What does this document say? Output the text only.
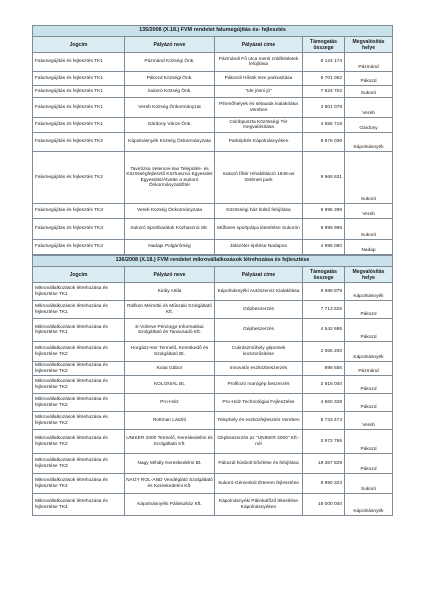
135/2008 (X.18.) FVM rendelet falumegújítás és- fejlesztés				
Jogcím	Pályázó neve	Pályázat címe	Támogatás összege	Megvalósítás helye
Falumegújítás és fejlesztés TK1	Pázmánd Községi Önk.	Pázmándi Fő utca menti zöldfelületek felújítása	8 124 174	Pázmánd
Falumegújítás és fejlesztés TK1	Pákozd Községi Önk.	Pákozdi Hősök tere parkosítása	6 701 062	Pákozd
Falumegújítás és fejlesztés TK1	Sukoró Község Önk.	"Ide jönni jó"	7 624 702	Sukoró
Falumegújítás és fejlesztés TK1	Vereb Község Önkormányzat	Pihenőhelyek és sétautak kialakítása Vereben	3 801 078	Vereb
Falumegújítás és fejlesztés TK1	Gárdony Város Önk.	Csiribpuszta Közösségi Tér megvalósítása	4 655 718	Gárdony
Falumegújítás és fejlesztés TK2	Kápolnásnyék Község Önkormányzata	Parképítés Kápolnásnyéken	8 676 036	Kápolnásnyék
Falumegújítás és fejlesztés TK2	Tavirózsa Velencei-tavi Település- és Közösségfejlesztő Közhasznú Egyesület Egyesület/Átvette a Sukoró Önkormányzat/Êtér	Sukoró főtér rehabilitáció 1848-as történeti park	9 968 631	Sukoró
Falumegújítás és fejlesztés TK3	Vereb Község Önkormányzata	Közösségi ház külső felújítása	9 996 399	Vereb
Falumegújítás és fejlesztés TK3	Sukoró Sportbarátok Közhasznú SE.	Műfüves sportpálya létesítése Sukorón	9 999 999	Sukoró
Falumegújítás és fejlesztés TK3	Nadapi Polgárőrség	Játszótér építése Nadapon	4 996 080	Nadap
136/2008 (X.18.) FVM rendelet mikrovállalkozások létrehozása és fejlesztése				
Jogcím	Pályázó neve	Pályázat címe	Támogatás összege	Megvalósítás helye
Mikrovállalkozások létrehozása és fejlesztése TK1	Király Attila	Kápolnásnyéki Autószerviz Kialakítása	9 688 879	Kápolnásnyék
Mikrovállalkozások létrehozása és fejlesztése TK1	Rollkon Mérnöki és Műszaki Szolgáltató Kft.	Gépbeszerzés	7 713 625	Pákozd
Mikrovállalkozások létrehozása és fejlesztése TK1	E-Volreve Pénzügyi-Informatikai Szolgáltató és Tanácsadó Kft.	Gépbeszerzés	4 542 686	Pákozd
Mikrovállalkozások létrehozása és fejlesztése TK2	Horgász-Ker Termelő, Kereskedő és Szolgáltató Bt.	Cukrászműhely gépeinek korszerűsítése	2 065 200	Kápolnásnyék
Mikrovállalkozások létrehozása és fejlesztése TK2	Kutai Gábor	Innovatív eszközbeszerzés	898 656	Pázmánd
Mikrovállalkozások létrehozása és fejlesztése TK2	KOLONIÁL Bt.	Profilozó marógép beszerzés	2 916 000	Pákozd
Mikrovállalkozások létrehozása és fejlesztése TK2	Pro-Holz	Pro-Holz Technológiai Fejlesztése	4 660 328	Pákozd
Mikrovállalkozások létrehozása és fejlesztése TK2	Rottman László	Telephely és eszközfejlesztés Vereben	8 733 474	Vereb
Mikrovállalkozások létrehozása és fejlesztése TK2	UNIKER 2000 Termelő, Kereskedelmi és Szolgáltató Kft.	Gépbeszerzés az "UNIKER 2000" Kft.-nél	3 972 766	Pákozd
Mikrovállalkozások létrehozása és fejlesztése TK3	Nagy Mihály Kereskedelmi Bt.	Pákozdi húsbolt bővítése és felújítása	18 367 829	Pákozd
Mikrovállalkozások létrehozása és fejlesztése TK4	NAGY ROL-AND Vendéglátó Szolgáltató és Kereskedelmi Kft.	Sukoró-Gémeskút Étterem fejlesztése	8 990 323	Sukoró
Mikrovállalkozások létrehozása és fejlesztése TK4	Kápolnásnyéki Pálinkaház Kft.	Kápolnásnyéki Pálinkafőző létesítése Kápolnásnyéken	18 000 000	Kápolnásnyék
